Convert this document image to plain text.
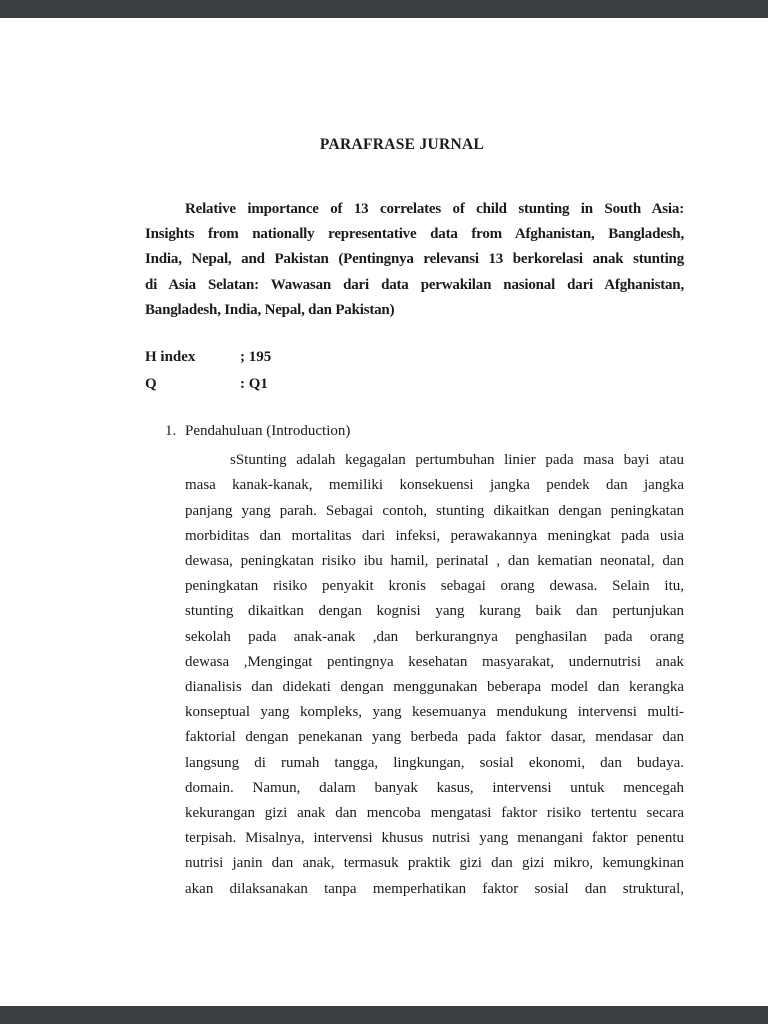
PARAFRASE JURNAL
Relative importance of 13 correlates of child stunting in South Asia:
Insights from nationally representative data from Afghanistan, Bangladesh,
India, Nepal, and Pakistan (Pentingnya relevansi 13 berkorelasi anak stunting
di Asia Selatan: Wawasan dari data perwakilan nasional dari Afghanistan,
Bangladesh, India, Nepal, dan Pakistan)
H index	; 195
Q	: Q1
1. Pendahuluan (Introduction)
sStunting adalah kegagalan pertumbuhan linier pada masa bayi atau
masa kanak-kanak, memiliki konsekuensi jangka pendek dan jangka
panjang yang parah. Sebagai contoh, stunting dikaitkan dengan peningkatan
morbiditas dan mortalitas dari infeksi, perawakannya meningkat pada usia
dewasa, peningkatan risiko ibu hamil, perinatal , dan kematian neonatal, dan
peningkatan risiko penyakit kronis sebagai orang dewasa. Selain itu,
stunting dikaitkan dengan kognisi yang kurang baik dan pertunjukan
sekolah pada anak-anak ,dan berkurangnya penghasilan pada orang
dewasa ,Mengingat pentingnya kesehatan masyarakat, undernutrisi anak
dianalisis dan didekati dengan menggunakan beberapa model dan kerangka
konseptual yang kompleks, yang kesemuanya mendukung intervensi multi-
faktorial dengan penekanan yang berbeda pada faktor dasar, mendasar dan
langsung di rumah tangga, lingkungan, sosial ekonomi, dan budaya.
domain. Namun, dalam banyak kasus, intervensi untuk mencegah
kekurangan gizi anak dan mencoba mengatasi faktor risiko tertentu secara
terpisah. Misalnya, intervensi khusus nutrisi yang menangani faktor penentu
nutrisi janin dan anak, termasuk praktik gizi dan gizi mikro, kemungkinan
akan dilaksanakan tanpa memperhatikan faktor sosial dan struktural,
